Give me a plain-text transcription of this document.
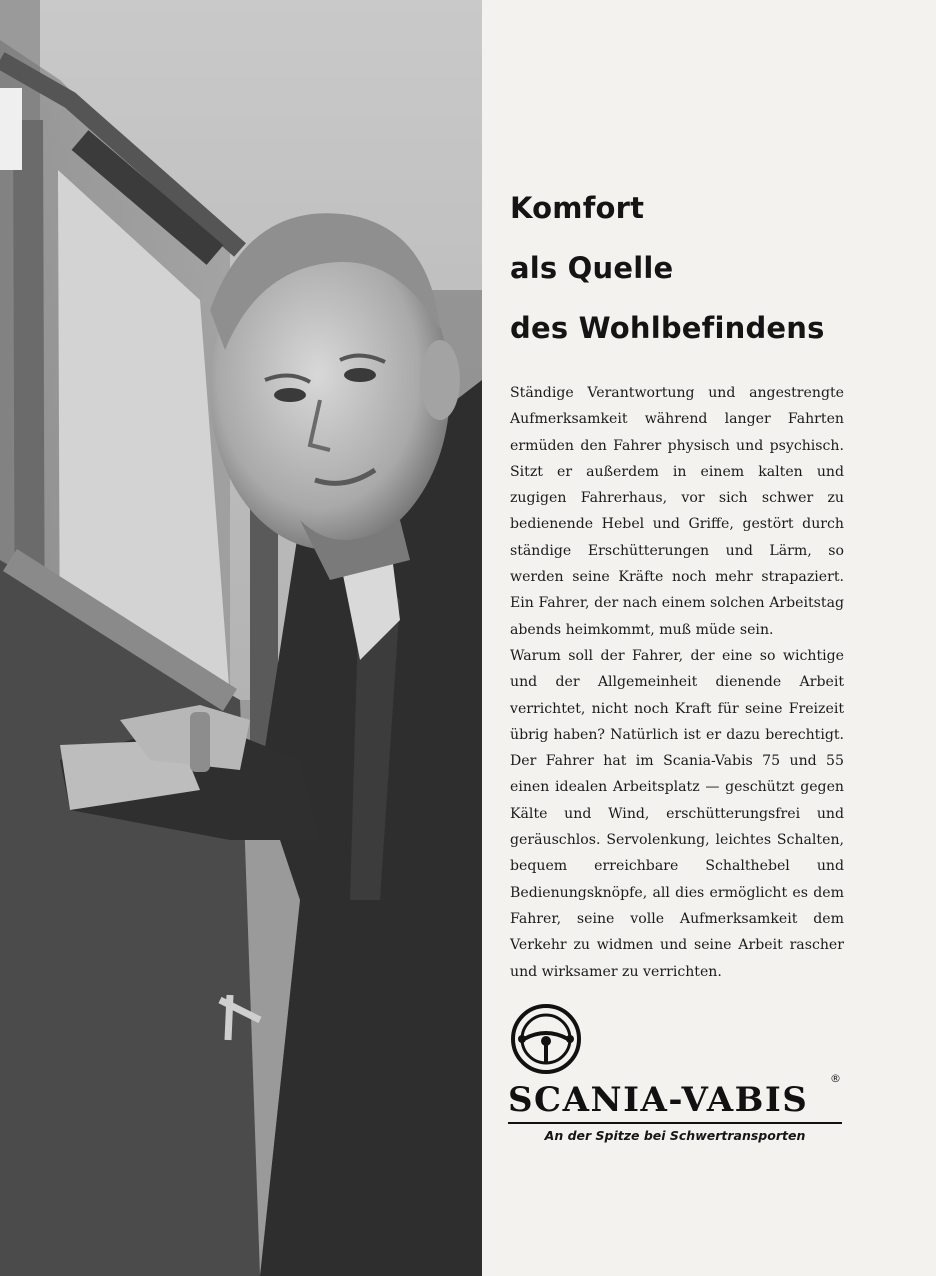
Komfort
als Quelle
des Wohlbefindens

Ständige Verantwortung und angestrengte Aufmerksamkeit während langer Fahrten ermüden den Fahrer physisch und psychisch. Sitzt er außerdem in einem kalten und zugigen Fahrerhaus, vor sich schwer zu bedienende Hebel und Griffe, gestört durch ständige Erschütterungen und Lärm, so werden seine Kräfte noch mehr strapaziert. Ein Fahrer, der nach einem solchen Arbeitstag abends heimkommt, muß müde sein.

Warum soll der Fahrer, der eine so wichtige und der Allgemeinheit dienende Arbeit verrichtet, nicht noch Kraft für seine Freizeit übrig haben? Natürlich ist er dazu berechtigt. Der Fahrer hat im Scania-Vabis 75 und 55 einen idealen Arbeitsplatz — geschützt gegen Kälte und Wind, erschütterungsfrei und geräuschlos. Servolenkung, leichtes Schalten, bequem erreichbare Schalthebel und Bedienungsknöpfe, all dies ermöglicht es dem Fahrer, seine volle Aufmerksamkeit dem Verkehr zu widmen und seine Arbeit rascher und wirksamer zu verrichten.

SCANIA-VABIS
®
An der Spitze bei Schwertransporten
